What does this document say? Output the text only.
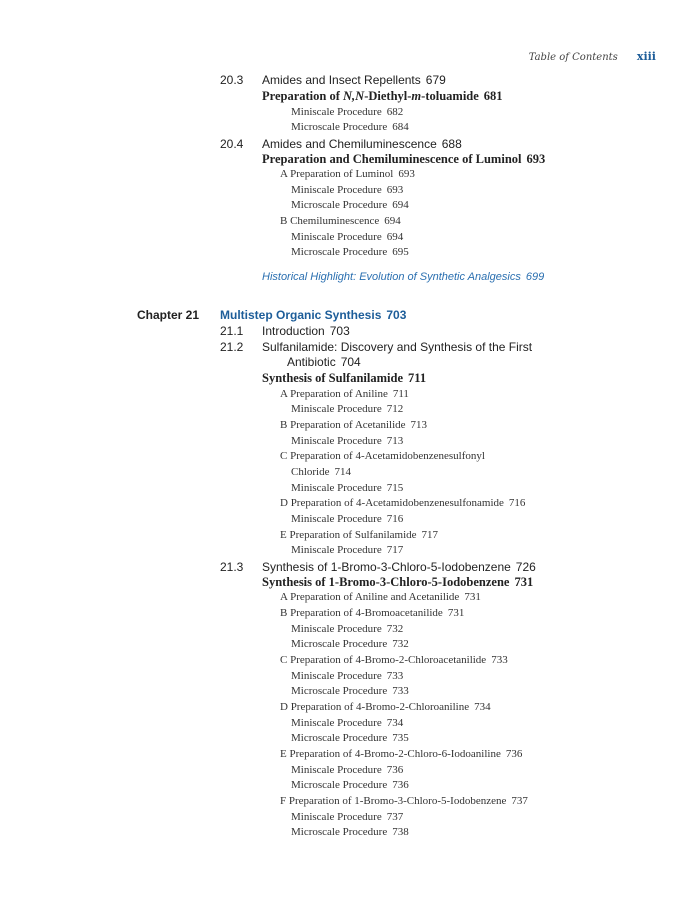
Table of Contents xiii
20.3 Amides and Insect Repellents 679
Preparation of N,N-Diethyl-m-toluamide 681
Miniscale Procedure 682
Microscale Procedure 684
20.4 Amides and Chemiluminescence 688
Preparation and Chemiluminescence of Luminol 693
A Preparation of Luminol 693
Miniscale Procedure 693
Microscale Procedure 694
B Chemiluminescence 694
Miniscale Procedure 694
Microscale Procedure 695
Historical Highlight: Evolution of Synthetic Analgesics 699
Chapter 21 Multistep Organic Synthesis 703
21.1 Introduction 703
21.2 Sulfanilamide: Discovery and Synthesis of the First
Antibiotic 704
Synthesis of Sulfanilamide 711
A Preparation of Aniline 711
Miniscale Procedure 712
B Preparation of Acetanilide 713
Miniscale Procedure 713
C Preparation of 4-Acetamidobenzenesulfonyl
Chloride 714
Miniscale Procedure 715
D Preparation of 4-Acetamidobenzenesulfonamide 716
Miniscale Procedure 716
E Preparation of Sulfanilamide 717
Miniscale Procedure 717
21.3 Synthesis of 1-Bromo-3-Chloro-5-Iodobenzene 726
Synthesis of 1-Bromo-3-Chloro-5-Iodobenzene 731
A Preparation of Aniline and Acetanilide 731
B Preparation of 4-Bromoacetanilide 731
Miniscale Procedure 732
Microscale Procedure 732
C Preparation of 4-Bromo-2-Chloroacetanilide 733
Miniscale Procedure 733
Microscale Procedure 733
D Preparation of 4-Bromo-2-Chloroaniline 734
Miniscale Procedure 734
Microscale Procedure 735
E Preparation of 4-Bromo-2-Chloro-6-Iodoaniline 736
Miniscale Procedure 736
Microscale Procedure 736
F Preparation of 1-Bromo-3-Chloro-5-Iodobenzene 737
Miniscale Procedure 737
Microscale Procedure 738
